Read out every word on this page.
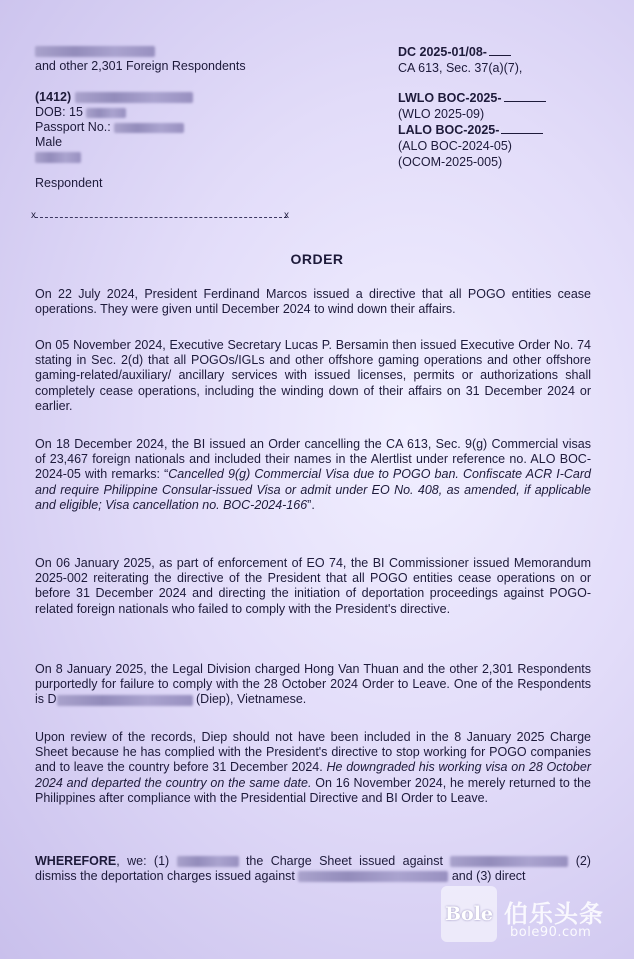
and other 2,301 Foreign Respondents
(1412)
DOB: 15
Passport No.:
Male
Respondent
x	x
DC 2025-01/08-
CA 613, Sec. 37(a)(7),
LWLO BOC-2025-
(WLO 2025-09)
LALO BOC-2025-
(ALO BOC-2024-05)
(OCOM-2025-005)
ORDER
On 22 July 2024, President Ferdinand Marcos issued a directive that all POGO entities cease operations. They were given until December 2024 to wind down their affairs.
On 05 November 2024, Executive Secretary Lucas P. Bersamin then issued Executive Order No. 74 stating in Sec. 2(d) that all POGOs/IGLs and other offshore gaming operations and other offshore gaming-related/auxiliary/ ancillary services with issued licenses, permits or authorizations shall completely cease operations, including the winding down of their affairs on 31 December 2024 or earlier.
On 18 December 2024, the BI issued an Order cancelling the CA 613, Sec. 9(g) Commercial visas of 23,467 foreign nationals and included their names in the Alertlist under reference no. ALO BOC-2024-05 with remarks: “Cancelled 9(g) Commercial Visa due to POGO ban. Confiscate ACR I-Card and require Philippine Consular-issued Visa or admit under EO No. 408, as amended, if applicable and eligible; Visa cancellation no. BOC-2024-166”.
On 06 January 2025, as part of enforcement of EO 74, the BI Commissioner issued Memorandum 2025-002 reiterating the directive of the President that all POGO entities cease operations on or before 31 December 2024 and directing the initiation of deportation proceedings against POGO-related foreign nationals who failed to comply with the President's directive.
On 8 January 2025, the Legal Division charged Hong Van Thuan and the other 2,301 Respondents purportedly for failure to comply with the 28 October 2024 Order to Leave. One of the Respondents is D	(Diep), Vietnamese.
Upon review of the records, Diep should not have been included in the 8 January 2025 Charge Sheet because he has complied with the President's directive to stop working for POGO companies and to leave the country before 31 December 2024. He downgraded his working visa on 28 October 2024 and departed the country on the same date. On 16 November 2024, he merely returned to the Philippines after compliance with the Presidential Directive and BI Order to Leave.
WHEREFORE, we: (1)	the Charge Sheet issued against	(2) dismiss the deportation charges issued against	and (3) direct
Bole 伯乐头条
bole90.com
